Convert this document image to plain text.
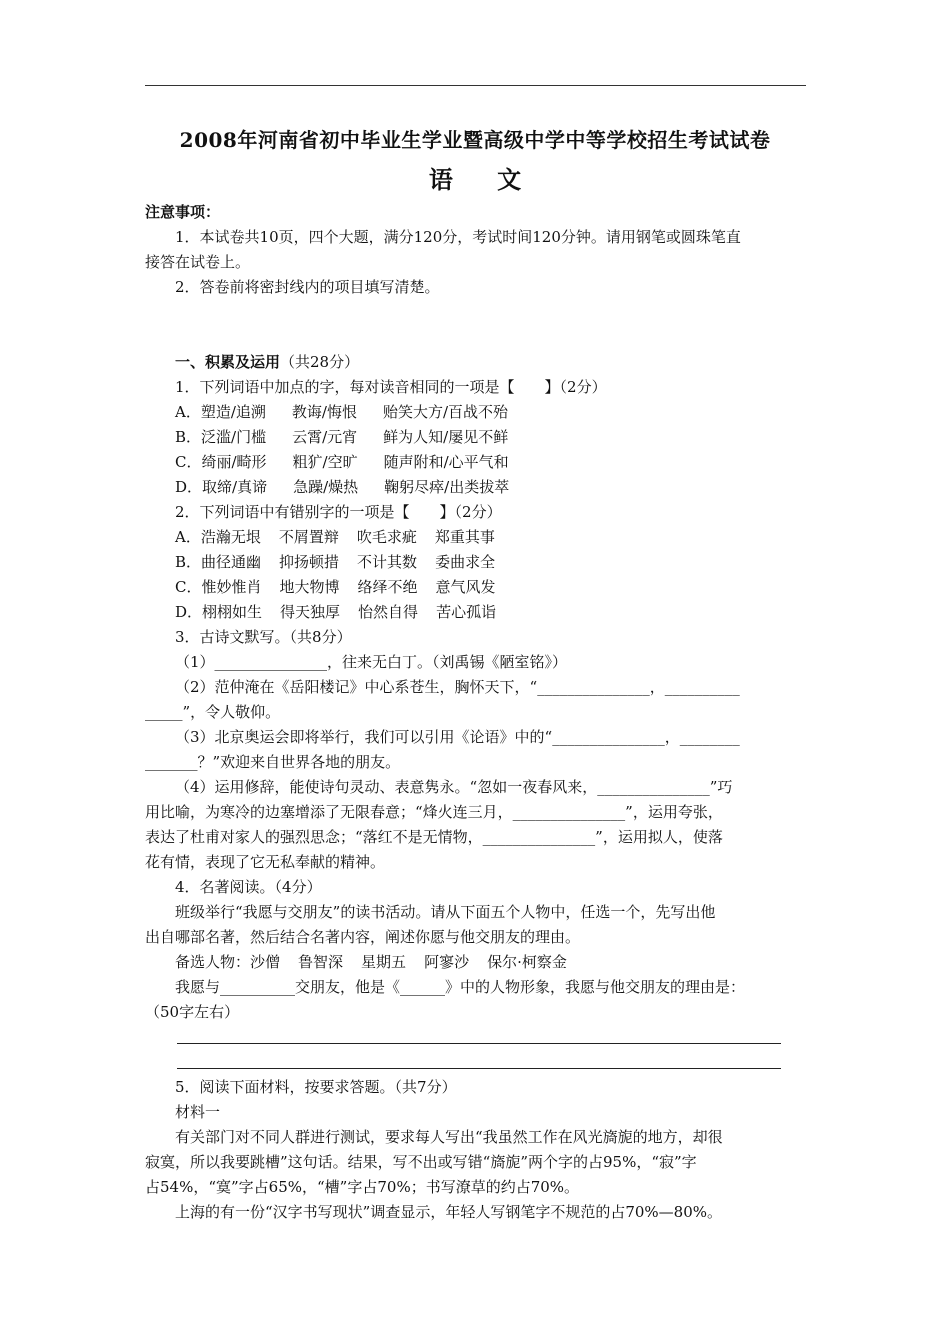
2008年河南省初中毕业生学业暨高级中学中等学校招生考试试卷
语 文
注意事项：
1．本试卷共10页，四个大题，满分120分，考试时间120分钟。请用钢笔或圆珠笔直
接答在试卷上。
2．答卷前将密封线内的项目填写清楚。
一、积累及运用（共28分）
1．下列词语中加点的字，每对读音相同的一项是【　　】（2分）
A．塑造/追溯 教诲/悔恨 贻笑大方/百战不殆
B．泛滥/门槛 云霄/元宵 鲜为人知/屡见不鲜
C．绮丽/畸形 粗犷/空旷 随声附和/心平气和
D．取缔/真谛 急躁/燥热 鞠躬尽瘁/出类拔萃
2．下列词语中有错别字的一项是【　　】（2分）
A．浩瀚无垠 不屑置辩 吹毛求疵 郑重其事
B．曲径通幽 抑扬顿措 不计其数 委曲求全
C．惟妙惟肖 地大物博 络绎不绝 意气风发
D．栩栩如生 得天独厚 怡然自得 苦心孤诣
3．古诗文默写。（共8分）
（1）_______________，往来无白丁。（刘禹锡《陋室铭》）
（2）范仲淹在《岳阳楼记》中心系苍生，胸怀天下，“_______________，__________
_____”，令人敬仰。
（3）北京奥运会即将举行，我们可以引用《论语》中的“_______________，________
_______？”欢迎来自世界各地的朋友。
（4）运用修辞，能使诗句灵动、表意隽永。“忽如一夜春风来，_______________”巧
用比喻，为寒冷的边塞增添了无限春意；“烽火连三月，_______________”，运用夸张，
表达了杜甫对家人的强烈思念；“落红不是无情物，_______________”，运用拟人，使落
花有情，表现了它无私奉献的精神。
4．名著阅读。（4分）
班级举行“我愿与交朋友”的读书活动。请从下面五个人物中，任选一个，先写出他
出自哪部名著，然后结合名著内容，阐述你愿与他交朋友的理由。
备选人物：沙僧 鲁智深 星期五 阿寥沙 保尔·柯察金
我愿与__________交朋友，他是《______》中的人物形象，我愿与他交朋友的理由是：
（50字左右）
5．阅读下面材料，按要求答题。（共7分）
材料一
有关部门对不同人群进行测试，要求每人写出“我虽然工作在风光旖旎的地方，却很
寂寞，所以我要跳槽”这句话。结果，写不出或写错“旖旎”两个字的占95%，“寂”字
占54%，“寞”字占65%，“槽”字占70%；书写潦草的约占70%。
上海的有一份“汉字书写现状”调查显示，年轻人写钢笔字不规范的占70%—80%。
